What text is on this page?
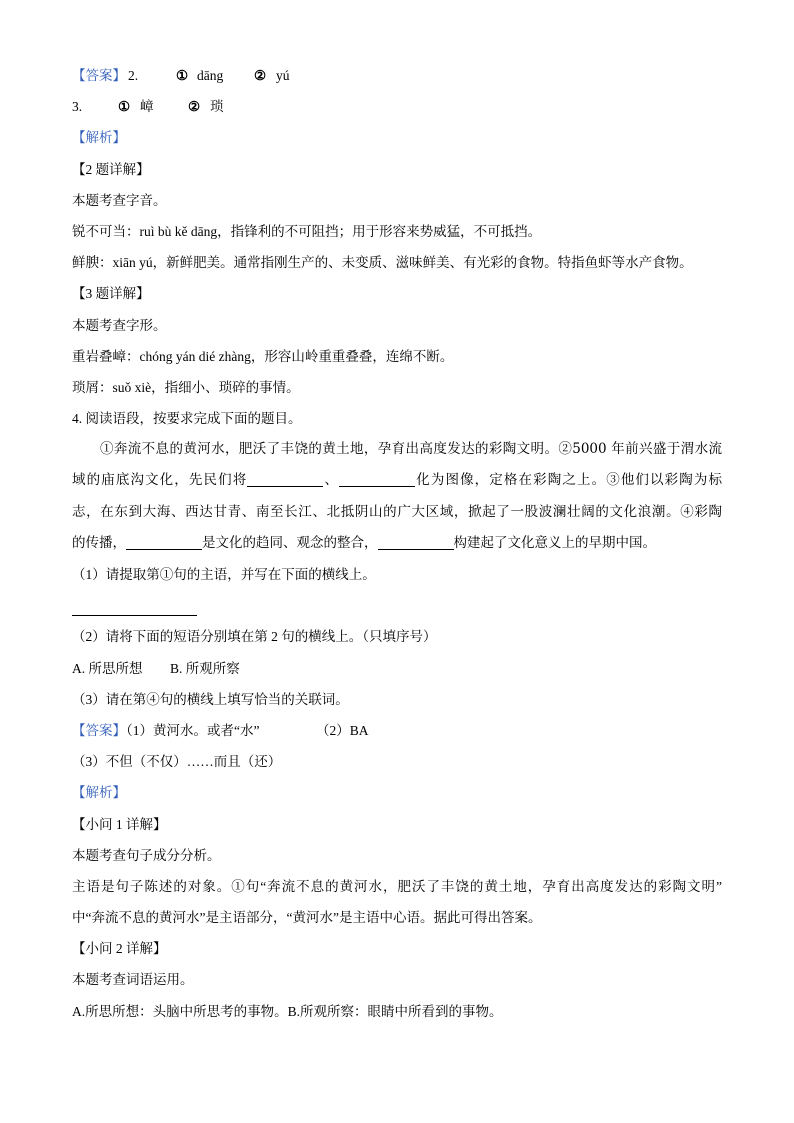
【答案】 2.	① dāng ② yú
3.	① 嶂	② 琐
【解析】
【2 题详解】
本题考查字音。
锐不可当：ruì bù kě dāng，指锋利的不可阻挡；用于形容来势威猛，不可抵挡。
鲜腴：xiān yú，新鲜肥美。通常指刚生产的、未变质、滋味鲜美、有光彩的食物。特指鱼虾等水产食物。
【3 题详解】
本题考查字形。
重岩叠嶂：chóng yán dié zhàng，形容山岭重重叠叠，连绵不断。
琐屑：suǒ xiè，指细小、琐碎的事情。
4. 阅读语段，按要求完成下面的题目。
①奔流不息的黄河水，肥沃了丰饶的黄土地，孕育出高度发达的彩陶文明。②5000 年前兴盛于渭水流
域的庙底沟文化，先民们将	、	化为图像，定格在彩陶之上。③他们以彩陶为标
志，在东到大海、西达甘青、南至长江、北抵阴山的广大区域，掀起了一股波澜壮阔的文化浪潮。④彩陶
的传播，	是文化的趋同、观念的整合，	构建起了文化意义上的早期中国。
（1）请提取第①句的主语，并写在下面的横线上。
（2）请将下面的短语分别填在第 2 句的横线上。（只填序号）
A. 所思所想 B. 所观所察
（3）请在第④句的横线上填写恰当的关联词。
【答案】（1）黄河水。或者“水”	（2）BA
（3）不但（不仅）……而且（还）
【解析】
【小问 1 详解】
本题考查句子成分分析。
主语是句子陈述的对象。①句“奔流不息的黄河水，肥沃了丰饶的黄土地，孕育出高度发达的彩陶文明”
中“奔流不息的黄河水”是主语部分，“黄河水”是主语中心语。据此可得出答案。
【小问 2 详解】
本题考查词语运用。
A.所思所想：头脑中所思考的事物。B.所观所察：眼睛中所看到的事物。
